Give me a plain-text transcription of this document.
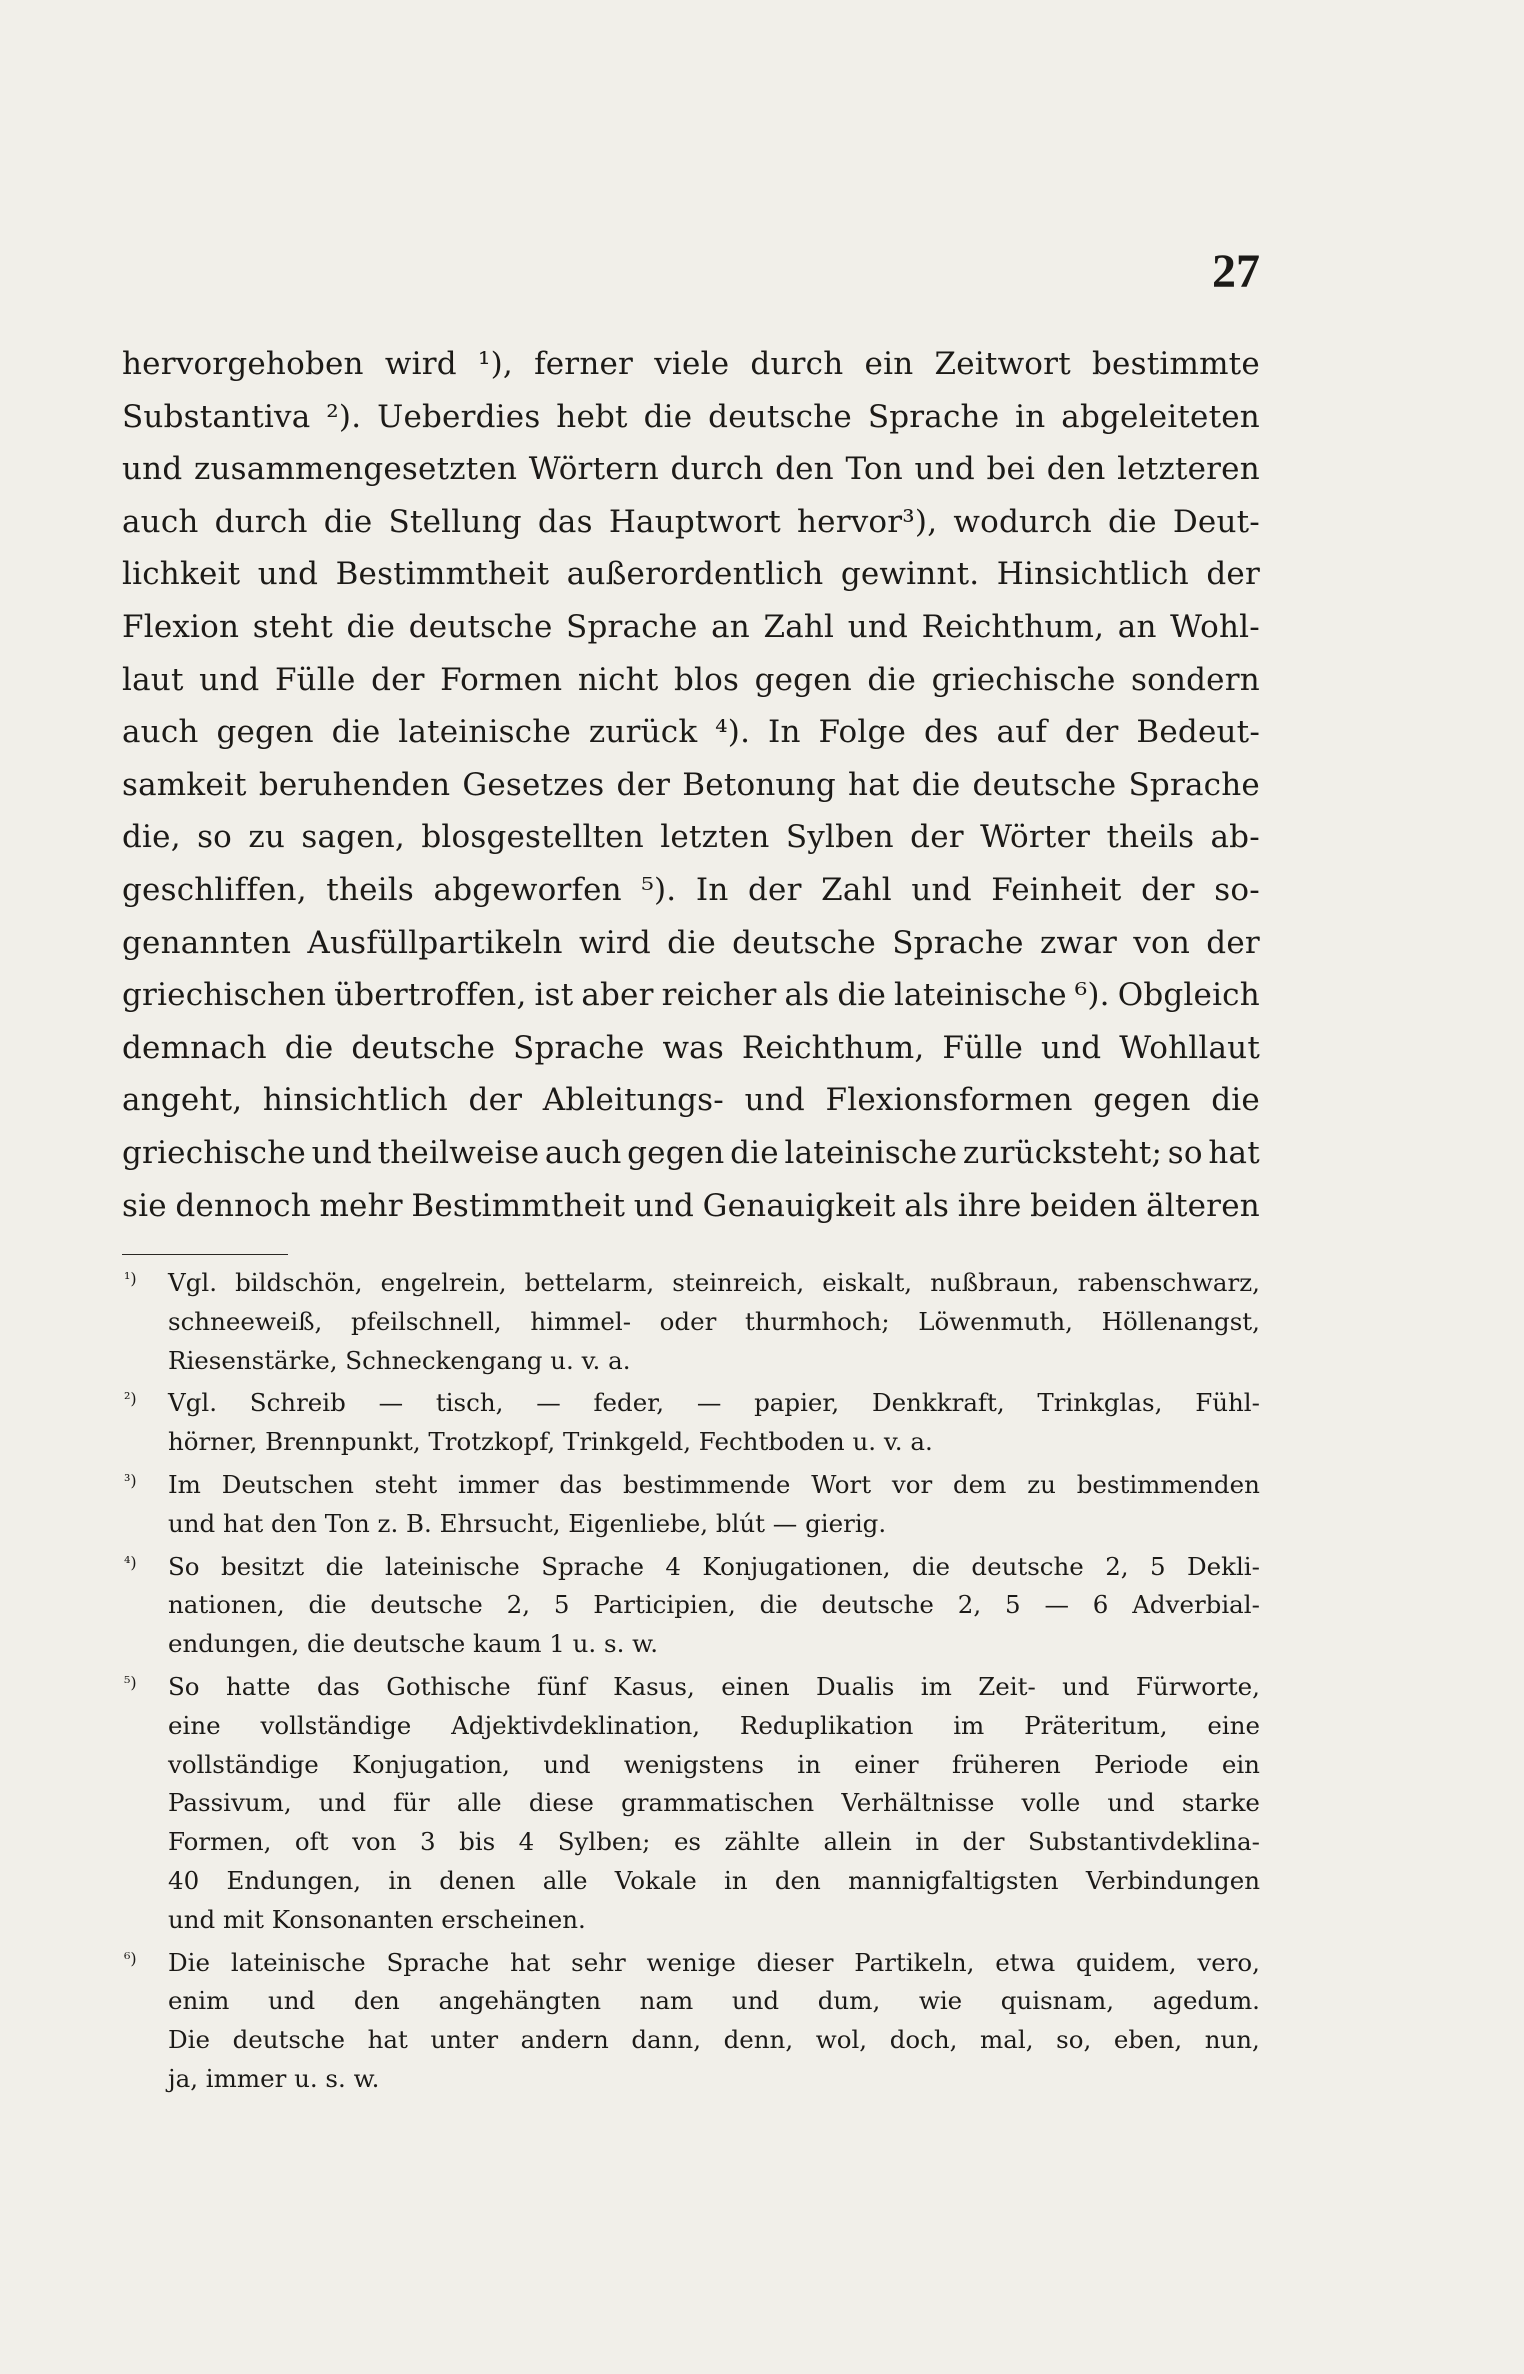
27
hervorgehoben wird ¹), ferner viele durch ein Zeitwort bestimmte
Substantiva ²). Ueberdies hebt die deutsche Sprache in abgeleiteten
und zusammengesetzten Wörtern durch den Ton und bei den letzteren
auch durch die Stellung das Hauptwort hervor³), wodurch die Deut-
lichkeit und Bestimmtheit außerordentlich gewinnt. Hinsichtlich der
Flexion steht die deutsche Sprache an Zahl und Reichthum, an Wohl-
laut und Fülle der Formen nicht blos gegen die griechische sondern
auch gegen die lateinische zurück ⁴). In Folge des auf der Bedeut-
samkeit beruhenden Gesetzes der Betonung hat die deutsche Sprache
die, so zu sagen, blosgestellten letzten Sylben der Wörter theils ab-
geschliffen, theils abgeworfen ⁵). In der Zahl und Feinheit der so-
genannten Ausfüllpartikeln wird die deutsche Sprache zwar von der
griechischen übertroffen, ist aber reicher als die lateinische ⁶). Obgleich
demnach die deutsche Sprache was Reichthum, Fülle und Wohllaut
angeht, hinsichtlich der Ableitungs- und Flexionsformen gegen die
griechische und theilweise auch gegen die lateinische zurücksteht; so hat
sie dennoch mehr Bestimmtheit und Genauigkeit als ihre beiden älteren
¹) Vgl. bildschön, engelrein, bettelarm, steinreich, eiskalt, nußbraun, rabenschwarz,
schneeweiß, pfeilschnell, himmel- oder thurmhoch; Löwenmuth, Höllenangst,
Riesenstärke, Schneckengang u. v. a.
²) Vgl. Schreib — tisch, — feder, — papier, Denkkraft, Trinkglas, Fühl-
hörner, Brennpunkt, Trotzkopf, Trinkgeld, Fechtboden u. v. a.
³) Im Deutschen steht immer das bestimmende Wort vor dem zu bestimmenden
und hat den Ton z. B. Ehrsucht, Eigenliebe, blút — gierig.
⁴) So besitzt die lateinische Sprache 4 Konjugationen, die deutsche 2, 5 Dekli-
nationen, die deutsche 2, 5 Participien, die deutsche 2, 5 — 6 Adverbial-
endungen, die deutsche kaum 1 u. s. w.
⁵) So hatte das Gothische fünf Kasus, einen Dualis im Zeit- und Fürworte,
eine vollständige Adjektivdeklination, Reduplikation im Präteritum, eine
vollständige Konjugation, und wenigstens in einer früheren Periode ein
Passivum, und für alle diese grammatischen Verhältnisse volle und starke
Formen, oft von 3 bis 4 Sylben; es zählte allein in der Substantivdeklina-
40 Endungen, in denen alle Vokale in den mannigfaltigsten Verbindungen
und mit Konsonanten erscheinen.
⁶) Die lateinische Sprache hat sehr wenige dieser Partikeln, etwa quidem, vero,
enim und den angehängten nam und dum, wie quisnam, agedum.
Die deutsche hat unter andern dann, denn, wol, doch, mal, so, eben, nun,
ja, immer u. s. w.
